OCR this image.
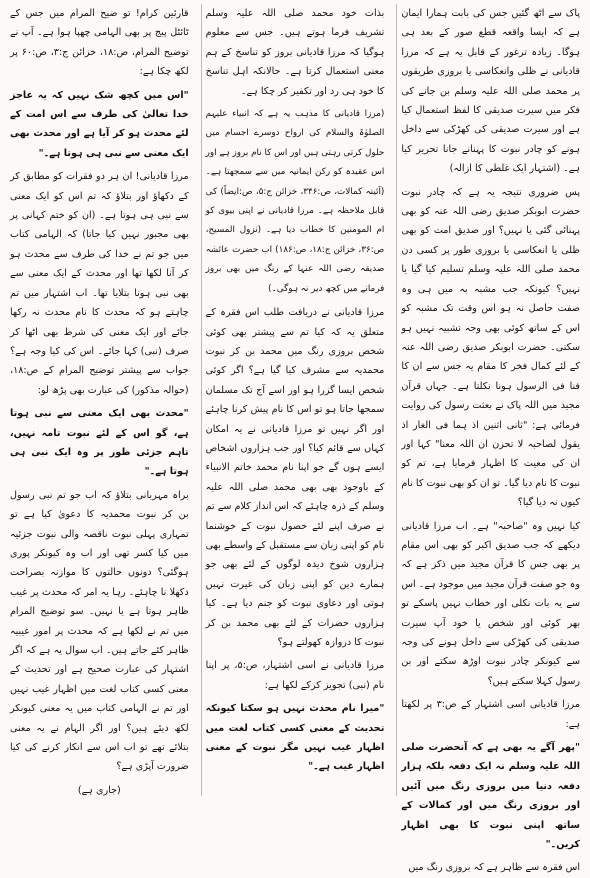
پاک سے اٹھ گئیں جس کی بابت ہمارا ایمان ہے کہ ایسا واقعہ قطع صور کے بعد ہی ہوگا۔ زیادہ ترغور کے قابل یہ ہے کہ مرزا قادیانی نے ظلی وانعکاسی یا بروزی طریقوں پر محمد صلی اللہ علیہ وسلم بن جانے کی فکر میں سیرت صدیقی کا لفظ استعمال کیا ہے اور سیرت صدیقی کی کھڑکی سے داخل ہونے کو چادر نبوت کا پہنانے جانا تحریر کیا ہے۔ (اشتہار ایک غلطی کا ازالہ)

پس ضروری نتیجہ یہ ہے کہ چادر نبوت حضرت ابوبکر صدیق رضی اللہ عنہ کو بھی پہنائی گئی یا نہیں؟ اور صدیق امت کو بھی ظلی یا انعکاسی یا بروزی طور پر کسی دن محمد صلی اللہ علیہ وسلم تسلیم کیا گیا یا نہیں؟ کیونکہ جب مشبہ بہ میں ہی وہ صفت حاصل نہ ہو اس وقت تک مشبہ کو اس کے ساتھ کوئی بھی وجہ تشبیہ نہیں ہو سکتی۔ حضرت ابوبکر صدیق رضی اللہ عنہ کے لئے کمال فخر کا مقام یہ جس سے ان کا فنا فی الرسول ہونا نکلتا ہے۔ جہاں قرآن مجید میں اللہ پاک نے بعثت رسول کی روایت فرمائی ہے: "ثانی اثنین اذ ہما فی الغار اذ یقول لصاحبہ لا تحزن ان اللہ معنا" کہا اور ان کی معیت کا اظہار فرمایا ہے، تم کو نبوت کا نام دیا گیا۔ تو ان کو بھی نبوت کا نام کیوں نہ دیا گیا؟

کیا نہیں وہ "صاحبہ" ہے۔ اب مرزا قادیانی دیکھے کہ جب صدیق اکبر کو بھی اس مقام پر بھی جس کا قرآن مجید میں ذکر ہے کہ وہ جو صفت قرآن مجید میں موجود ہے۔ اس سے یہ بات نکلی اور خطاب نہیں پاسکے تو بھر کوئی اور شخص یا خود آپ سیرت صدیقی کی کھڑکی سے داخل ہونے کی وجہ سے کیونکر چادر نبوت اوڑھ سکتے اور بن رسول کہلا سکتے ہیں؟

مرزا قادیانی اسی اشتہار کے ص:۳ پر لکھتا ہے:

"پھر آگے یہ بھی ہے کہ آنحضرت صلی اللہ علیہ وسلم نہ ایک دفعہ بلکہ ہزار دفعہ دنیا میں بروزی رنگ میں آئیں اور بروزی رنگ میں اور کمالات کے ساتھ اپنی نبوت کا بھی اظہار کریں۔"

اس فقرہ سے ظاہر ہے کہ بروزی رنگ میں

بذات خود محمد صلی اللہ علیہ وسلم تشریف فرما ہوتے ہیں۔ جس سے معلوم ہوگیا کہ مرزا قادیانی بروز کو تناسخ کے ہم معنی استعمال کرتا ہے۔ حالانکہ اہل تناسخ کا خود ہی رد اور تکفیر کر چکا ہے۔

(مرزا قادیانی کا مذہب یہ ہے کہ انبیاء علیہم الصلوٰۃ والسلام کی ارواح دوسرے اجسام میں حلول کرتی رہتی ہیں اور اس کا نام بروز ہے اور اس عقیدہ کو رکن ایمانیہ میں سے سمجھتا ہے۔ (آئینہ کمالات، ص:۳۴۶، خزائن ج:۵، ص:ایضاً) کی قابل ملاحظہ ہے۔ مرزا قادیانی نے اپنی بیوی کو ام المومنین کا خطاب دیا ہے۔ (نزول المسیح، ص:۳۶، خزائن ج:۱۸، ص:۱۸۶) اب حضرت عائشہ صدیقہ رضی اللہ عنہا کے رنگ میں بھی بروز فرمانے میں کچھ دیر نہ ہوگی۔)

مرزا قادیانی نے دریافت طلب اس فقرہ کے متعلق یہ کہ کیا تم سے پیشتر بھی کوئی شخص بروزی رنگ میں محمد بن کر نبوت محمدیہ سے مشرف کیا گیا ہے؟ اگر کوئی شخص ایسا گزرا ہو اور اسے آج تک مسلمان سمجھا جاتا ہو تو اس کا نام پیش کرنا چاہئے اور اگر نہیں تو مرزا قادیانی نے یہ امکان کہاں سے قائم کیا؟ اور جب ہزاروں اشخاص ایسے ہوں گے جو اپنا نام محمد خاتم الانبیاء کے باوجود بھی بھی محمد صلی اللہ علیہ وسلم کے ذرہ چاہئے کہ اس انداز کلام سے تم نے صرف اپنے لئے حصول نبوت کے خوشنما نام کو اپنی زبان سے مستقبل کے واسطے بھی ہزاروں شوخ دیدہ لوگوں کے لئے بھی جو ہمارے دین کو اپنی زبان کی غیرت نہیں ہوتی اور دعاوی نبوت کو جنم دیا ہے۔ کیا ہزاروں حضرات کے لئے بھی محمد بن کر نبوت کا دروازہ کھولتے ہو؟

مرزا قادیانی نے اسی اشتہار، ص:۵، پر اپنا نام (نبی) تجویز کرکے لکھا ہے:

"میرا نام محدث نہیں ہو سکتا کیونکہ تحدیث کے معنی کسی کتاب لغت میں اظہار غیب نہیں مگر نبوت کے معنی اظہار غیب ہے۔"

قارئین کرام! تو ضیح المرام میں جس کے ٹائٹل پیج پر بھی الہامی چھپا ہوا ہے۔ آپ نے توضیح المرام، ص:۱۸، خزائن ج:۳، ص:۶۰ پر لکھ چکا ہے:

"اس میں کچھ شک نہیں کہ یہ عاجز خدا تعالیٰ کی طرف سے اس امت کے لئے محدث ہو کر آیا ہے اور محدث بھی ایک معنی سے نبی ہی ہوتا ہے۔"

مرزا قادیانی! ان ہر دو فقرات کو مطابق کر کے دکھاؤ اور بتلاؤ کہ تم اس کو ایک معنی سے نبی ہی ہوتا ہے۔ (ان کو ختم کہانی پر بھی مجبور نہیں کیا جاتا) کہ الہامی کتاب میں جو تم نے خدا کی طرف سے محدث ہو کر آنا لکھا تھا اور محدث کے ایک معنی سے بھی نبی ہونا بتلایا تھا۔ اب اشتہار میں تم چاہتے ہو کہ محدث کا نام محدث نہ رکھا جائے اور ایک معنی کی شرط بھی اٹھا کر صرف (نبی) کہا جائے۔ اس کی کیا وجہ ہے؟ جواب سے پیشتر توضیح المرام کے ص:۱۸، (حوالہ مذکور) کی عبارت بھی پڑھ لو:

"محدث بھی ایک معنی سے نبی ہوتا ہے، گو اس کے لئے نبوت تامہ نہیں، تاہم جزئی طور پر وہ ایک نبی ہی ہوتا ہے۔"

براہ مہربانی بتلاؤ کہ اب جو تم نبی رسول بن کر نبوت محمدیہ کا دعویٰ کیا ہے تو تمہاری پہلی نبوت ناقصہ والی نبوت جزئیہ میں کیا کسر تھی اور اب وہ کیونکر پوری ہوگئی؟ دونوں حالتوں کا موازنہ بصراحت دکھلا نا چاہئے۔ رہا یہ امر کہ محدث پر غیب ظاہر ہوتا ہے یا نہیں۔ سو توضیح المرام میں تم نے لکھا ہے کہ محدث پر امور غیبیہ ظاہر کئے جاتے ہیں۔ اب سوال یہ ہے کہ اگر اشتہار کی عبارت صحیح ہے اور تحدیث کے معنی کسی کتاب لغت میں اظہار غیب نہیں اور تم نے الہامی کتاب میں یہ معنی کیونکر لکھ دیئے ہیں؟ اور اگر الہام نے یہ معنی بتلائے تھے تو اب اس سے انکار کرنے کی کیا ضرورت آپڑی ہے؟

(جاری ہے)
